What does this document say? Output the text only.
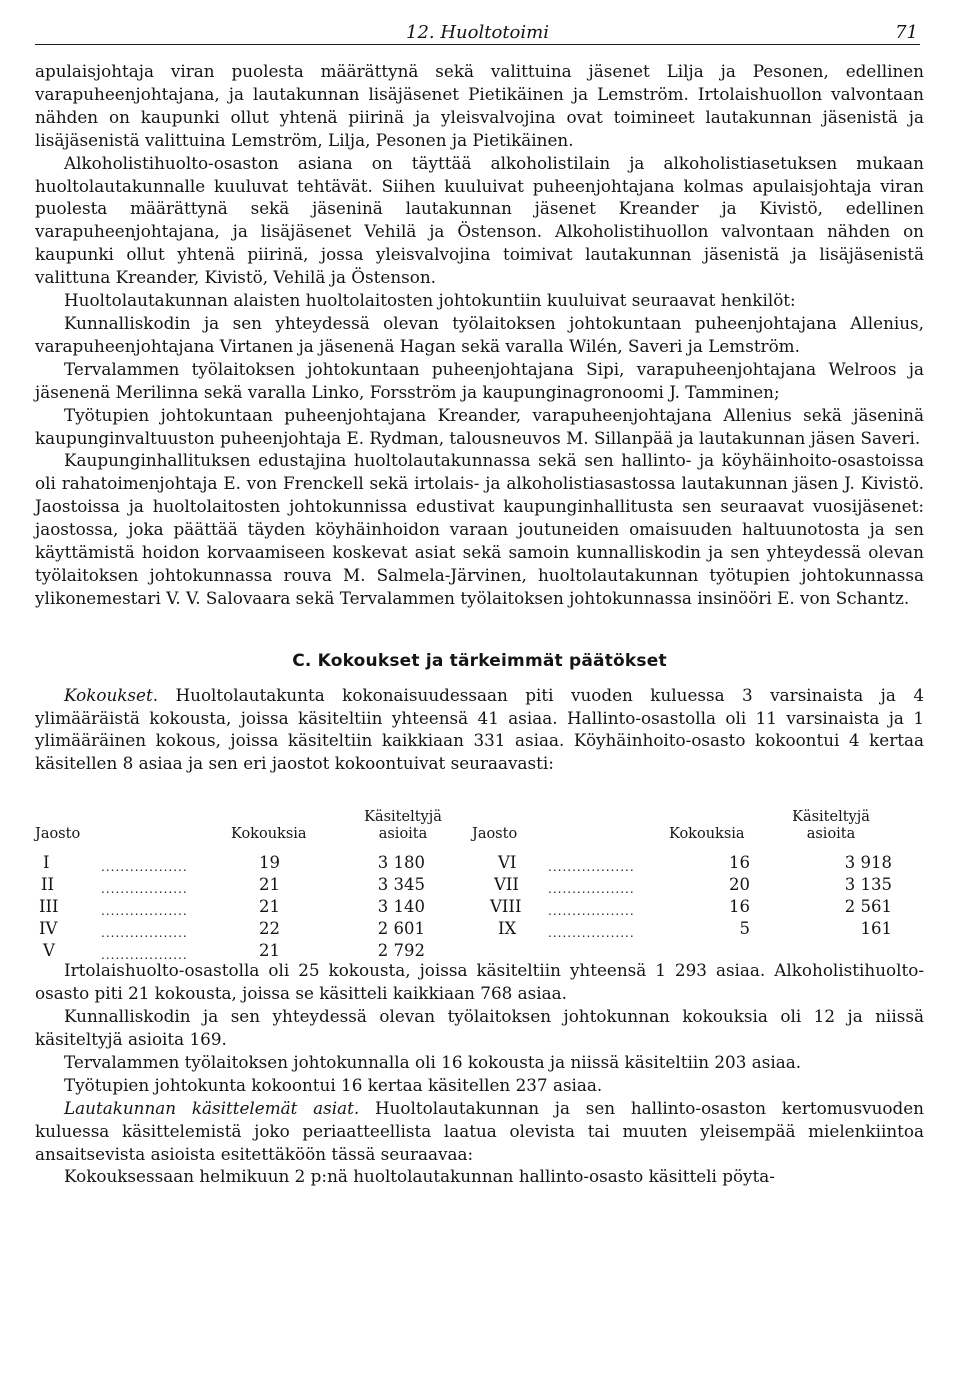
12. Huoltotoimi	71

apulaisjohtaja viran puolesta määrättynä sekä valittuina jäsenet Lilja ja Pesonen, edellinen varapuheenjohtajana, ja lautakunnan lisäjäsenet Pietikäinen ja Lemström. Irtolaishuollon valvontaan nähden on kaupunki ollut yhtenä piirinä ja yleisvalvojina ovat toimineet lautakunnan jäsenistä ja lisäjäsenistä valittuina Lemström, Lilja, Pesonen ja Pietikäinen.

Alkoholistihuolto-osaston asiana on täyttää alkoholistilain ja alkoholistiasetuksen mukaan huoltolautakunnalle kuuluvat tehtävät. Siihen kuuluivat puheenjohtajana kolmas apulaisjohtaja viran puolesta määrättynä sekä jäseninä lautakunnan jäsenet Kreander ja Kivistö, edellinen varapuheenjohtajana, ja lisäjäsenet Vehilä ja Östenson. Alkoholistihuollon valvontaan nähden on kaupunki ollut yhtenä piirinä, jossa yleisvalvojina toimivat lautakunnan jäsenistä ja lisäjäsenistä valittuna Kreander, Kivistö, Vehilä ja Östenson.

Huoltolautakunnan alaisten huoltolaitosten johtokuntiin kuuluivat seuraavat henkilöt:

Kunnalliskodin ja sen yhteydessä olevan työlaitoksen johtokuntaan puheenjohtajana Allenius, varapuheenjohtajana Virtanen ja jäsenenä Hagan sekä varalla Wilén, Saveri ja Lemström.

Tervalammen työlaitoksen johtokuntaan puheenjohtajana Sipi, varapuheenjohtajana Welroos ja jäsenenä Merilinna sekä varalla Linko, Forsström ja kaupunginagronoomi J. Tamminen;

Työtupien johtokuntaan puheenjohtajana Kreander, varapuheenjohtajana Allenius sekä jäseninä kaupunginvaltuuston puheenjohtaja E. Rydman, talousneuvos M. Sillanpää ja lautakunnan jäsen Saveri.

Kaupunginhallituksen edustajina huoltolautakunnassa sekä sen hallinto- ja köyhäinhoito-osastoissa oli rahatoimenjohtaja E. von Frenckell sekä irtolais- ja alkoholistiasastossa lautakunnan jäsen J. Kivistö. Jaostoissa ja huoltolaitosten johtokunnissa edustivat kaupunginhallitusta sen seuraavat vuosijäsenet: jaostossa, joka päättää täyden köyhäinhoidon varaan joutuneiden omaisuuden haltuunotosta ja sen käyttämistä hoidon korvaamiseen koskevat asiat sekä samoin kunnalliskodin ja sen yhteydessä olevan työlaitoksen johtokunnassa rouva M. Salmela-Järvinen, huoltolautakunnan työtupien johtokunnassa ylikonemestari V. V. Salovaara sekä Tervalammen työlaitoksen johtokunnassa insinööri E. von Schantz.

C. Kokoukset ja tärkeimmät päätökset

Kokoukset. Huoltolautakunta kokonaisuudessaan piti vuoden kuluessa 3 varsinaista ja 4 ylimääräistä kokousta, joissa käsiteltiin yhteensä 41 asiaa. Hallinto-osastolla oli 11 varsinaista ja 1 ylimääräinen kokous, joissa käsiteltiin kaikkiaan 331 asiaa. Köyhäinhoito-osasto kokoontui 4 kertaa käsitellen 8 asiaa ja sen eri jaostot kokoontuivat seuraavasti:

Jaosto	Kokouksia
Käsiteltyjä
asioita	Jaosto	Kokouksia
Käsiteltyjä
asioita
I	..................	19	3 180
II	..................	21	3 345
III	..................	21	3 140
IV	..................	22	2 601
V	..................	21	2 792
VI	..................	16	3 918
VII ..................	20	3 135
VIII ..................	16	2 561
IX	..................	5	161

Irtolaishuolto-osastolla oli 25 kokousta, joissa käsiteltiin yhteensä 1 293 asiaa. Alkoholistihuolto-osasto piti 21 kokousta, joissa se käsitteli kaikkiaan 768 asiaa.

Kunnalliskodin ja sen yhteydessä olevan työlaitoksen johtokunnan kokouksia oli 12 ja niissä käsiteltyjä asioita 169.

Tervalammen työlaitoksen johtokunnalla oli 16 kokousta ja niissä käsiteltiin 203 asiaa.

Työtupien johtokunta kokoontui 16 kertaa käsitellen 237 asiaa.

Lautakunnan käsittelemät asiat. Huoltolautakunnan ja sen hallinto-osaston kertomusvuoden kuluessa käsittelemistä joko periaatteellista laatua olevista tai muuten yleisempää mielenkiintoa ansaitsevista asioista esitettäköön tässä seuraavaa:

Kokouksessaan helmikuun 2 p:nä huoltolautakunnan hallinto-osasto käsitteli pöyta-
